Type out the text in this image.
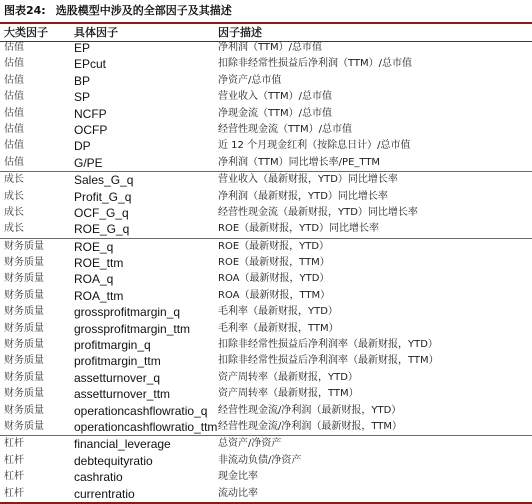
图表24: 选股模型中涉及的全部因子及其描述
大类因子 具体因子	因子描述
估值	EP	净利润（TTM）/总市值
估值	EPcut	扣除非经常性损益后净利润（TTM）/总市值
估值	BP	净资产/总市值
估值	SP	营业收入（TTM）/总市值
估值	NCFP	净现金流（TTM）/总市值
估值	OCFP	经营性现金流（TTM）/总市值
估值	DP	近 12 个月现金红利（按除息日计）/总市值
估值	G/PE	净利润（TTM）同比增长率/PE_TTM
成长	Sales_G_q	营业收入（最新财报，YTD）同比增长率
成长	Profit_G_q	净利润（最新财报，YTD）同比增长率
成长	OCF_G_q	经营性现金流（最新财报，YTD）同比增长率
成长	ROE_G_q	ROE（最新财报，YTD）同比增长率
财务质量	ROE_q	ROE（最新财报，YTD）
财务质量	ROE_ttm	ROE（最新财报，TTM）
财务质量	ROA_q	ROA（最新财报，YTD）
财务质量	ROA_ttm	ROA（最新财报，TTM）
财务质量	grossprofitmargin_q	毛利率（最新财报，YTD）
财务质量	grossprofitmargin_ttm	毛利率（最新财报，TTM）
财务质量	profitmargin_q	扣除非经常性损益后净利润率（最新财报，YTD）
财务质量	profitmargin_ttm	扣除非经常性损益后净利润率（最新财报，TTM）
财务质量	assetturnover_q	资产周转率（最新财报，YTD）
财务质量	assetturnover_ttm	资产周转率（最新财报，TTM）
财务质量	operationcashflowratio_q 经营性现金流/净利润（最新财报，YTD）
财务质量	operationcashflowratio_ttm 经营性现金流/净利润（最新财报，TTM）
杠杆	financial_leverage	总资产/净资产
杠杆	debtequityratio	非流动负债/净资产
杠杆	cashratio	现金比率
杠杆	currentratio	流动比率
